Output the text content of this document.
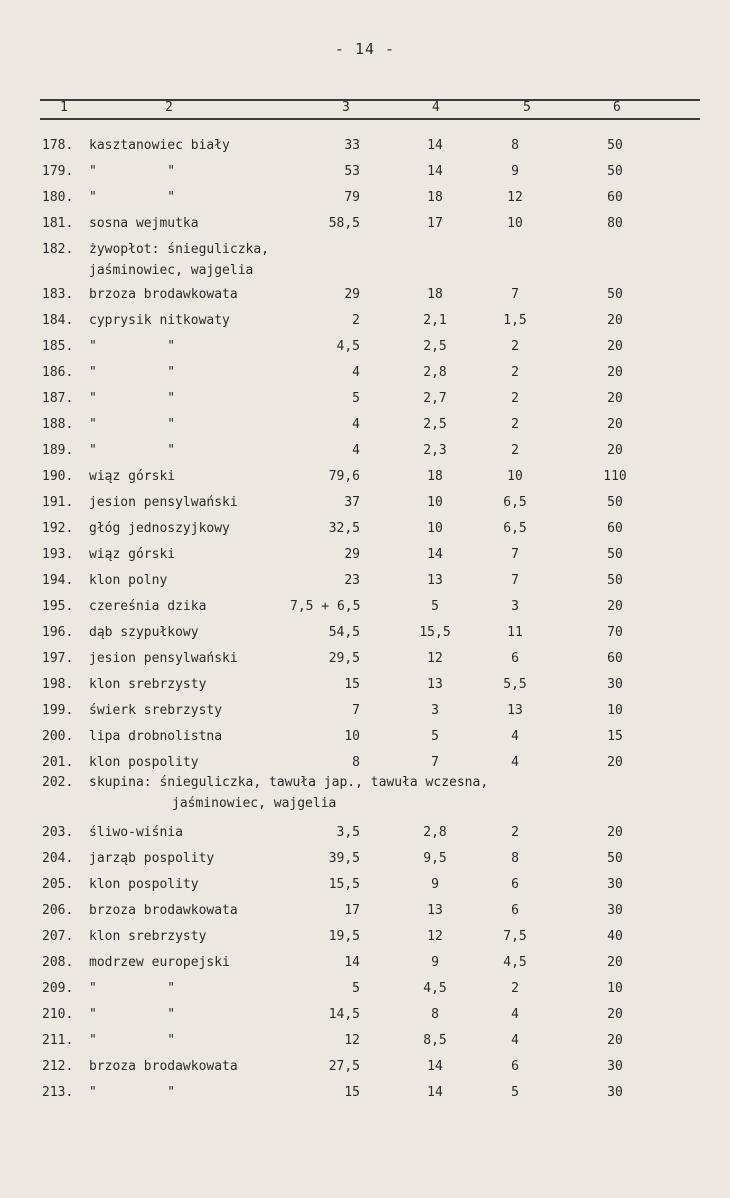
- 14 -
1	2	3	4	5	6
178. kasztanowiec biały	33	14	8	50
179. "         "	53	14	9	50
180. "         "	79	18	12	60
181. sosna wejmutka	58,5	17	10	80
182. żywopłot: śnieguliczka,
jaśminowiec, wajgelia
183. brzoza brodawkowata	29	18	7	50
184. cyprysik nitkowaty	2	2,1	1,5	20
185. "         "	4,5	2,5	2	20
186. "         "	4	2,8	2	20
187. "         "	5	2,7	2	20
188. "         "	4	2,5	2	20
189. "         "	4	2,3	2	20
190. wiąz górski	79,6	18	10	110
191. jesion pensylwański	37	10	6,5	50
192. głóg jednoszyjkowy	32,5	10	6,5	60
193. wiąz górski	29	14	7	50
194. klon polny	23	13	7	50
195. czereśnia dzika	7,5 + 6,5	5	3	20
196. dąb szypułkowy	54,5	15,5	11	70
197. jesion pensylwański	29,5	12	6	60
198. klon srebrzysty	15	13	5,5	30
199. świerk srebrzysty	7	3	13	10
200. lipa drobnolistna	10	5	4	15
201. klon pospolity	8	7	4	20
202. skupina: śnieguliczka, tawuła jap., tawuła wczesna,
jaśminowiec, wajgelia
203. śliwo-wiśnia	3,5	2,8	2	20
204. jarząb pospolity	39,5	9,5	8	50
205. klon pospolity	15,5	9	6	30
206. brzoza brodawkowata	17	13	6	30
207. klon srebrzysty	19,5	12	7,5	40
208. modrzew europejski	14	9	4,5	20
209. "         "	5	4,5	2	10
210. "         "	14,5	8	4	20
211. "         "	12	8,5	4	20
212. brzoza brodawkowata	27,5	14	6	30
213. "         "	15	14	5	30
